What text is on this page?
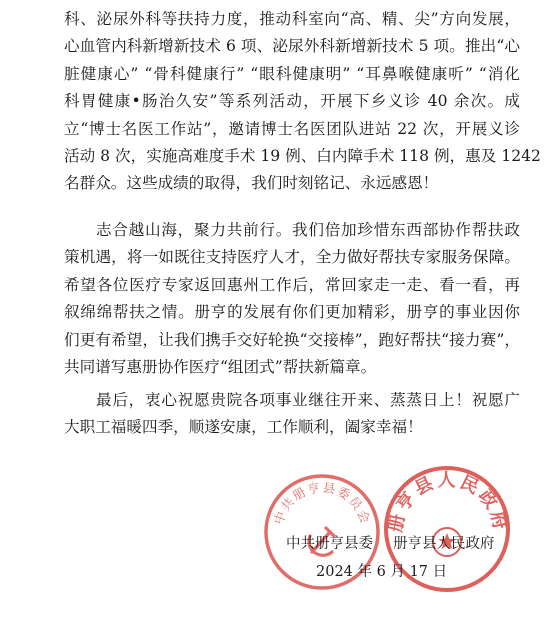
科、泌尿外科等扶持力度，推动科室向“高、精、尖”方向发展，
心血管内科新增新技术 6 项、泌尿外科新增新技术 5 项。推出“心
脏健康心” “骨科健康行” “眼科健康明” “耳鼻喉健康听” “消化
科胃健康•肠治久安”等系列活动，开展下乡义诊 40 余次。成
立“博士名医工作站”，邀请博士名医团队进站 22 次，开展义诊
活动 8 次，实施高难度手术 19 例、白内障手术 118 例，惠及 1242
名群众。这些成绩的取得，我们时刻铭记、永远感恩！
志合越山海，聚力共前行。我们倍加珍惜东西部协作帮扶政
策机遇，将一如既往支持医疗人才，全力做好帮扶专家服务保障。
希望各位医疗专家返回惠州工作后，常回家走一走、看一看，再
叙绵绵帮扶之情。册亨的发展有你们更加精彩，册亨的事业因你
们更有希望，让我们携手交好轮换“交接棒”，跑好帮扶“接力赛”，
共同谱写惠册协作医疗“组团式”帮扶新篇章。
最后，衷心祝愿贵院各项事业继往开来、蒸蒸日上！祝愿广
大职工福暖四季，顺遂安康，工作顺利，阖家幸福！
中共册亨县委员会 册亨县人民政府
中共册亨县委 册亨县人民政府
2024 年 6 月 17 日
